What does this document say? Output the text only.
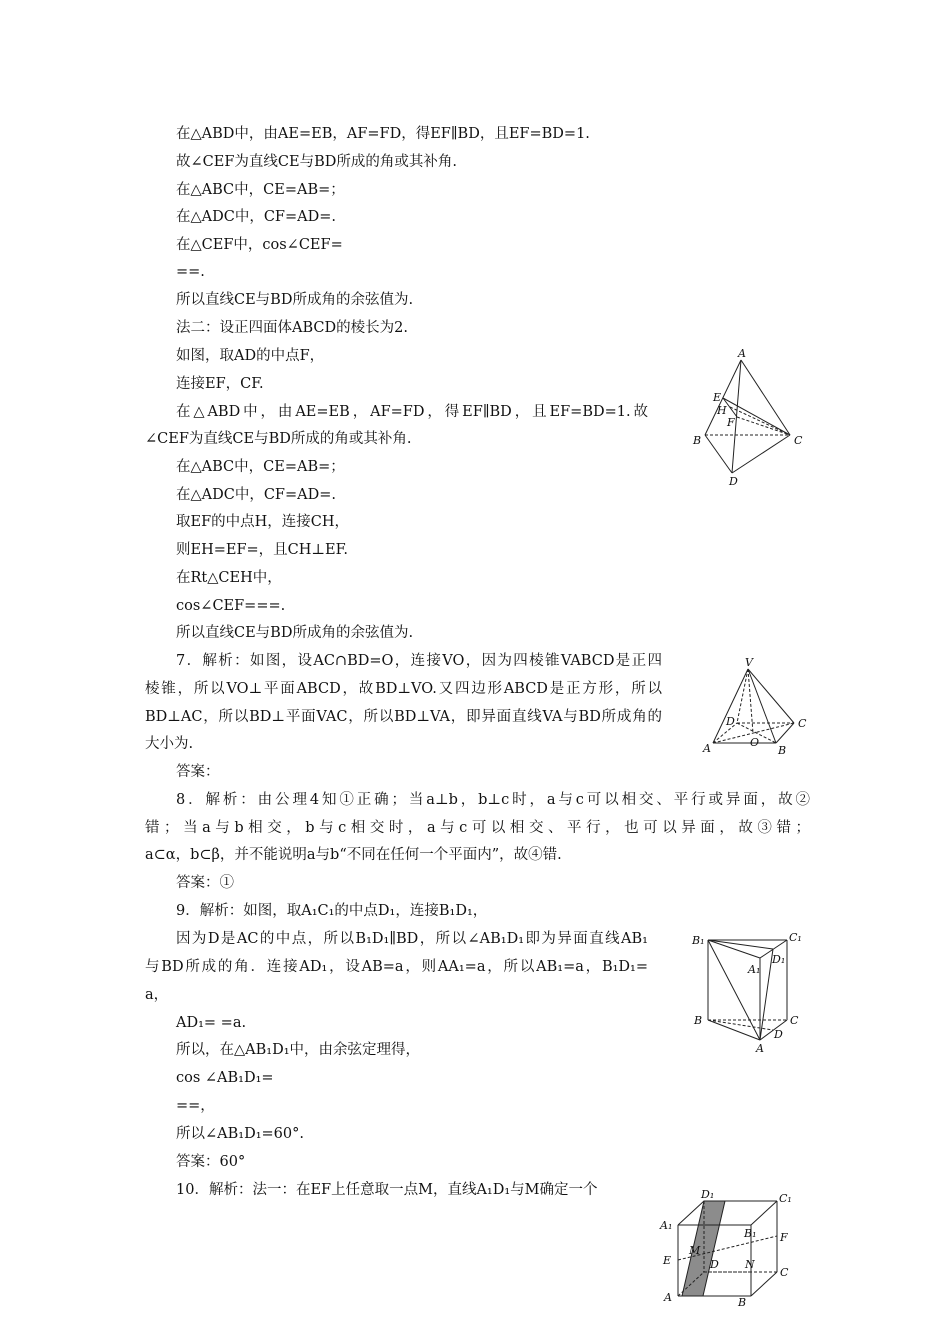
在△ABD中，由AE=EB，AF=FD，得EF∥BD，且EF=BD=1.
故∠CEF为直线CE与BD所成的角或其补角.
在△ABC中，CE=AB=；
在△ADC中，CF=AD=.
在△CEF中，cos∠CEF=
==.
所以直线CE与BD所成角的余弦值为.
法二：设正四面体ABCD的棱长为2.
如图，取AD的中点F，
连接EF，CF.
在△ABD中，由AE=EB，AF=FD，得EF∥BD，且EF=BD=1.故
∠CEF为直线CE与BD所成的角或其补角.
在△ABC中，CE=AB=；
在△ADC中，CF=AD=.
取EF的中点H，连接CH，
则EH=EF=，且CH⊥EF.
在Rt△CEH中，
cos∠CEF===.
所以直线CE与BD所成角的余弦值为.
7．解析：如图，设AC∩BD=O，连接VO，因为四棱锥VABCD是正四
棱锥，所以VO⊥平面ABCD，故BD⊥VO.又四边形ABCD是正方形，所以
BD⊥AC，所以BD⊥平面VAC，所以BD⊥VA，即异面直线VA与BD所成角的
大小为.
答案：
8．解析：由公理4知①正确；当a⊥b，b⊥c时，a与c可以相交、平行或异面，故②
错；当a与b相交，b与c相交时，a与c可以相交、平行，也可以异面，故③错；
a⊂α，b⊂β，并不能说明a与b“不同在任何一个平面内”，故④错.
答案：①
9．解析：如图，取A₁C₁的中点D₁，连接B₁D₁，
因为D是AC的中点，所以B₁D₁∥BD，所以∠AB₁D₁即为异面直线AB₁
与BD所成的角．连接AD₁，设AB=a，则AA₁=a，所以AB₁=a，B₁D₁=
a，
AD₁= =a.
所以，在△AB₁D₁中，由余弦定理得，
cos ∠AB₁D₁=
==，
所以∠AB₁D₁=60°.
答案：60°
10．解析：法一：在EF上任意取一点M，直线A₁D₁与M确定一个
A
B	C
D
E
H
F
V
A	B
C
D
O
B₁	C₁
A₁
D₁
B	C
A
D
D₁	C₁
A₁
B₁
M
F
E	D N
C
A	B
